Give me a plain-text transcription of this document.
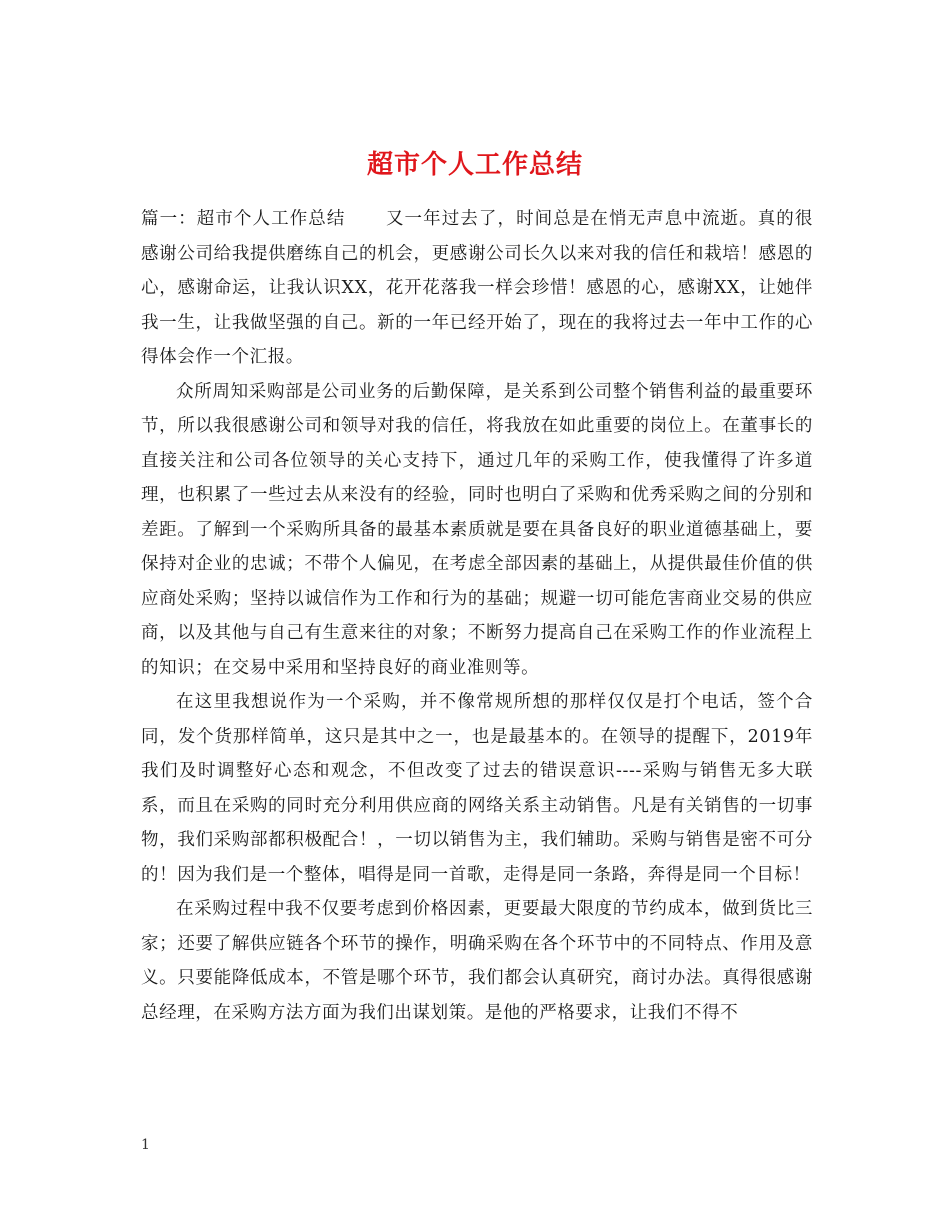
超市个人工作总结

篇一：超市个人工作总结 又一年过去了，时间总是在悄无声息中流逝。真的很感谢公司给我提供磨练自己的机会，更感谢公司长久以来对我的信任和栽培！感恩的心，感谢命运，让我认识XX，花开花落我一样会珍惜！感恩的心，感谢XX，让她伴我一生，让我做坚强的自己。新的一年已经开始了，现在的我将过去一年中工作的心得体会作一个汇报。

众所周知采购部是公司业务的后勤保障，是关系到公司整个销售利益的最重要环节，所以我很感谢公司和领导对我的信任，将我放在如此重要的岗位上。在董事长的直接关注和公司各位领导的关心支持下，通过几年的采购工作，使我懂得了许多道理，也积累了一些过去从来没有的经验，同时也明白了采购和优秀采购之间的分别和差距。了解到一个采购所具备的最基本素质就是要在具备良好的职业道德基础上，要保持对企业的忠诚；不带个人偏见，在考虑全部因素的基础上，从提供最佳价值的供应商处采购；坚持以诚信作为工作和行为的基础；规避一切可能危害商业交易的供应商，以及其他与自己有生意来往的对象；不断努力提高自己在采购工作的作业流程上的知识；在交易中采用和坚持良好的商业准则等。

在这里我想说作为一个采购，并不像常规所想的那样仅仅是打个电话，签个合同，发个货那样简单，这只是其中之一，也是最基本的。在领导的提醒下，2019年我们及时调整好心态和观念，不但改变了过去的错误意识----采购与销售无多大联系，而且在采购的同时充分利用供应商的网络关系主动销售。凡是有关销售的一切事物，我们采购部都积极配合！，一切以销售为主，我们辅助。采购与销售是密不可分的！因为我们是一个整体，唱得是同一首歌，走得是同一条路，奔得是同一个目标！

在采购过程中我不仅要考虑到价格因素，更要最大限度的节约成本，做到货比三家；还要了解供应链各个环节的操作，明确采购在各个环节中的不同特点、作用及意义。只要能降低成本，不管是哪个环节，我们都会认真研究，商讨办法。真得很感谢总经理，在采购方法方面为我们出谋划策。是他的严格要求，让我们不得不

1
